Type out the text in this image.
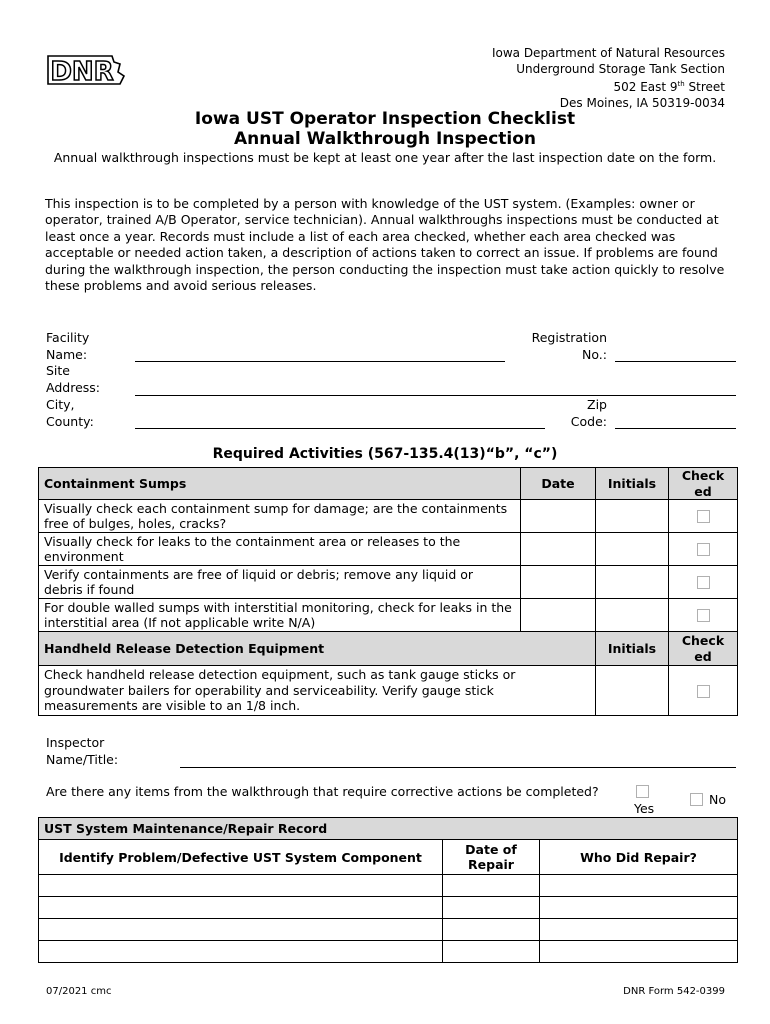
DNR
Iowa Department of Natural Resources
Underground Storage Tank Section
502 East 9th Street
Des Moines, IA 50319-0034
Iowa UST Operator Inspection Checklist
Annual Walkthrough Inspection
Annual walkthrough inspections must be kept at least one year after the last inspection date on the form.
This inspection is to be completed by a person with knowledge of the UST system. (Examples: owner or operator, trained A/B Operator, service technician). Annual walkthroughs inspections must be conducted at least once a year. Records must include a list of each area checked, whether each area checked was acceptable or needed action taken, a description of actions taken to correct an issue. If problems are found during the walkthrough inspection, the person conducting the inspection must take action quickly to resolve these problems and avoid serious releases.
Facility
Name:
Registration
No.:
Site
Address:
City,
County:
Zip
Code:
Required Activities (567-135.4(13)“b”, “c”)
Containment Sumps	Date	Initials	Check ed
Visually check each containment sump for damage; are the containments free of bulges, holes, cracks?			
Visually check for leaks to the containment area or releases to the environment			
Verify containments are free of liquid or debris; remove any liquid or debris if found			
For double walled sumps with interstitial monitoring, check for leaks in the interstitial area (If not applicable write N/A)			
Handheld Release Detection Equipment		Initials	Check ed
Check handheld release detection equipment, such as tank gauge sticks or groundwater bailers for operability and serviceability. Verify gauge stick measurements are visible to an 1/8 inch.			
Inspector
Name/Title:
Are there any items from the walkthrough that require corrective actions be completed?
Yes
No
UST System Maintenance/Repair Record		
Identify Problem/Defective UST System Component	Date of Repair	Who Did Repair?

07/2021 cmc	DNR Form 542-0399
